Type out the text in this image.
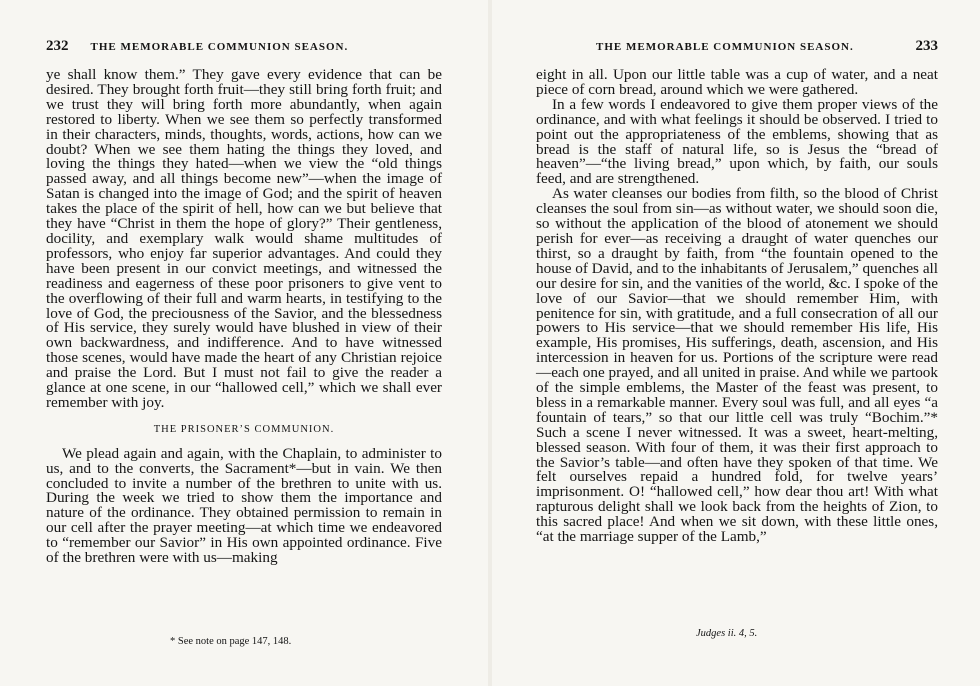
232 THE MEMORABLE COMMUNION SEASON.

ye shall know them.” They gave every evidence that can be desired. They brought forth fruit—they still bring forth fruit; and we trust they will bring forth more abundantly, when again restored to liberty. When we see them so perfectly transformed in their characters, minds, thoughts, words, actions, how can we doubt? When we see them hating the things they loved, and loving the things they hated—when we view the “old things passed away, and all things become new”—when the image of Satan is changed into the image of God; and the spirit of heaven takes the place of the spirit of hell, how can we but believe that they have “Christ in them the hope of glory?” Their gentleness, docility, and exemplary walk would shame multitudes of professors, who enjoy far superior advantages. And could they have been present in our convict meetings, and witnessed the readiness and eagerness of these poor prisoners to give vent to the overflowing of their full and warm hearts, in testifying to the love of God, the preciousness of the Savior, and the blessedness of His service, they surely would have blushed in view of their own backwardness, and indifference. And to have witnessed those scenes, would have made the heart of any Christian rejoice and praise the Lord. But I must not fail to give the reader a glance at one scene, in our “hallowed cell,” which we shall ever remember with joy.

THE PRISONER’S COMMUNION.

We plead again and again, with the Chaplain, to administer to us, and to the converts, the Sacrament*—but in vain. We then concluded to invite a number of the brethren to unite with us. During the week we tried to show them the importance and nature of the ordinance. They obtained permission to remain in our cell after the prayer meeting—at which time we endeavored to “remember our Savior” in His own appointed ordinance. Five of the brethren were with us—making

* See note on page 147, 148.
THE MEMORABLE COMMUNION SEASON.	233

eight in all. Upon our little table was a cup of water, and a neat piece of corn bread, around which we were gathered.

In a few words I endeavored to give them proper views of the ordinance, and with what feelings it should be observed. I tried to point out the appropriateness of the emblems, showing that as bread is the staff of natural life, so is Jesus the “bread of heaven”—“the living bread,” upon which, by faith, our souls feed, and are strengthened.

As water cleanses our bodies from filth, so the blood of Christ cleanses the soul from sin—as without water, we should soon die, so without the application of the blood of atonement we should perish for ever—as receiving a draught of water quenches our thirst, so a draught by faith, from “the fountain opened to the house of David, and to the inhabitants of Jerusalem,” quenches all our desire for sin, and the vanities of the world, &c. I spoke of the love of our Savior—that we should remember Him, with penitence for sin, with gratitude, and a full consecration of all our powers to His service—that we should remember His life, His example, His promises, His sufferings, death, ascension, and His intercession in heaven for us. Portions of the scripture were read—each one prayed, and all united in praise. And while we partook of the simple emblems, the Master of the feast was present, to bless in a remarkable manner. Every soul was full, and all eyes “a fountain of tears,” so that our little cell was truly “Bochim.”* Such a scene I never witnessed. It was a sweet, heart-melting, blessed season. With four of them, it was their first approach to the Savior’s table—and often have they spoken of that time. We felt ourselves repaid a hundred fold, for twelve years’ imprisonment. O! “hallowed cell,” how dear thou art! With what rapturous delight shall we look back from the heights of Zion, to this sacred place! And when we sit down, with these little ones, “at the marriage supper of the Lamb,”

Judges ii. 4, 5.
